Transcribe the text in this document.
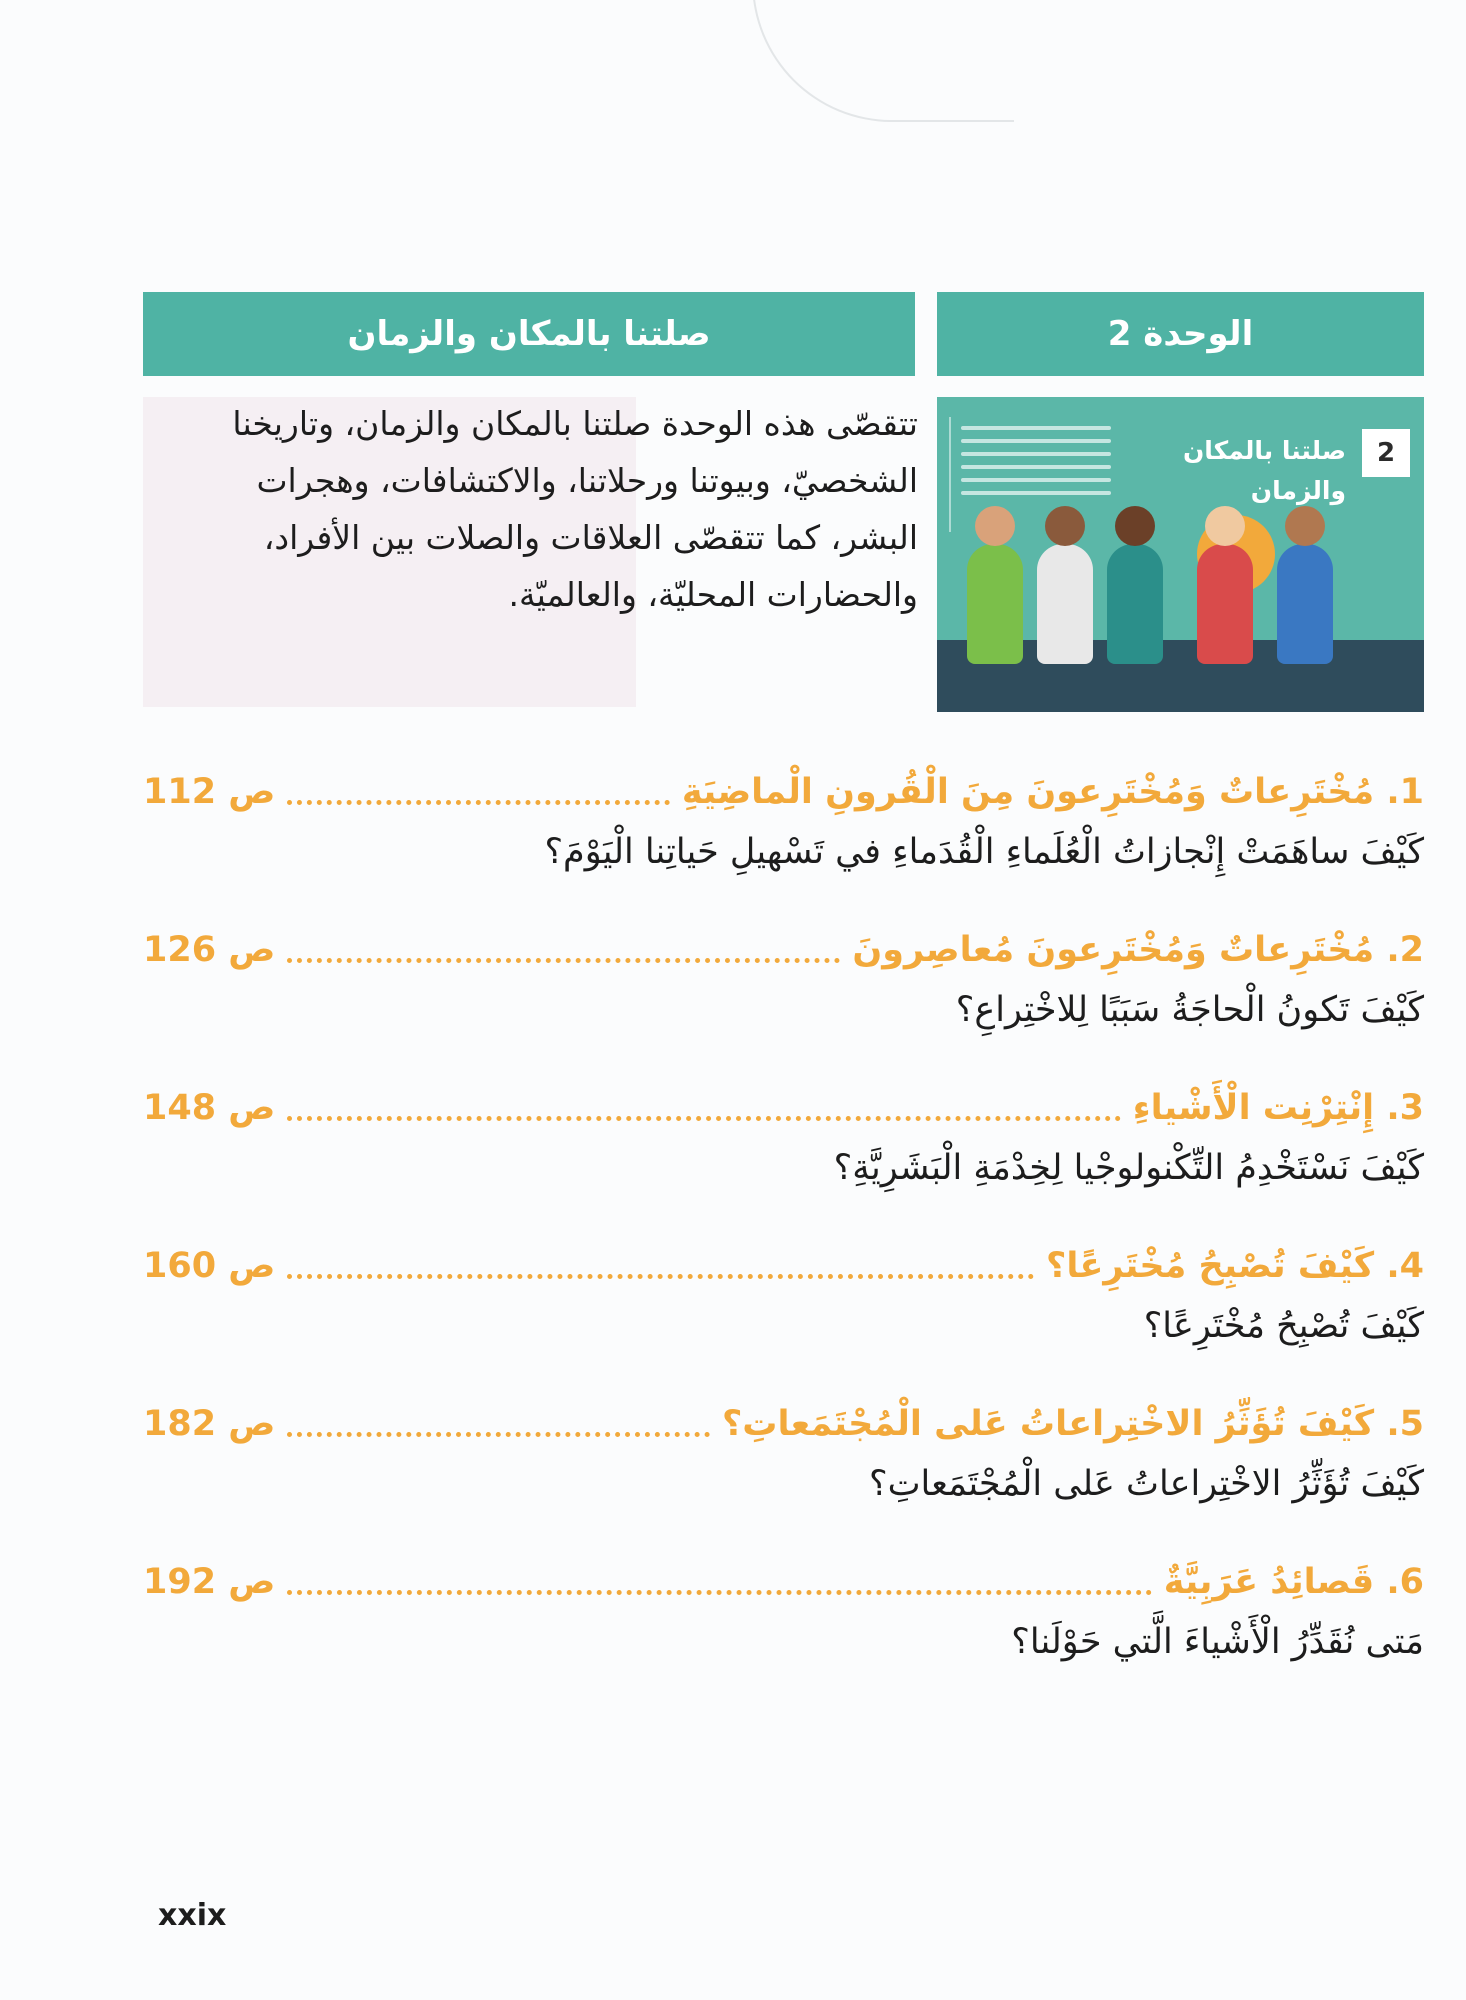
الوحدة 2
صلتنا بالمكان والزمان

تتقصّى هذه الوحدة صلتنا بالمكان والزمان، وتاريخنا الشخصيّ، وبيوتنا ورحلاتنا، والاكتشافات، وهجرات البشر، كما تتقصّى العلاقات والصلات بين الأفراد، والحضارات المحليّة، والعالميّة.

2
صلتنا بالمكان والزمان
1. مُخْتَرِعاتٌ وَمُخْتَرِعونَ مِنَ الْقُرونِ الْماضِيَةِ
ص 112
كَيْفَ ساهَمَتْ إِنْجازاتُ الْعُلَماءِ الْقُدَماءِ في تَسْهيلِ حَياتِنا الْيَوْمَ؟
2. مُخْتَرِعاتٌ وَمُخْتَرِعونَ مُعاصِرونَ
ص 126
كَيْفَ تَكونُ الْحاجَةُ سَبَبًا لِلاخْتِراعِ؟
3. إِنْتِرْنِت الْأَشْياءِ
ص 148
كَيْفَ نَسْتَخْدِمُ التِّكْنولوجْيا لِخِدْمَةِ الْبَشَرِيَّةِ؟
4. كَيْفَ تُصْبِحُ مُخْتَرِعًا؟
ص 160
كَيْفَ تُصْبِحُ مُخْتَرِعًا؟
5. كَيْفَ تُؤَثِّرُ الاخْتِراعاتُ عَلى الْمُجْتَمَعاتِ؟
ص 182
كَيْفَ تُؤَثِّرُ الاخْتِراعاتُ عَلى الْمُجْتَمَعاتِ؟
6. قَصائِدُ عَرَبِيَّةٌ
ص 192
مَتى نُقَدِّرُ الْأَشْياءَ الَّتي حَوْلَنا؟
xxix
